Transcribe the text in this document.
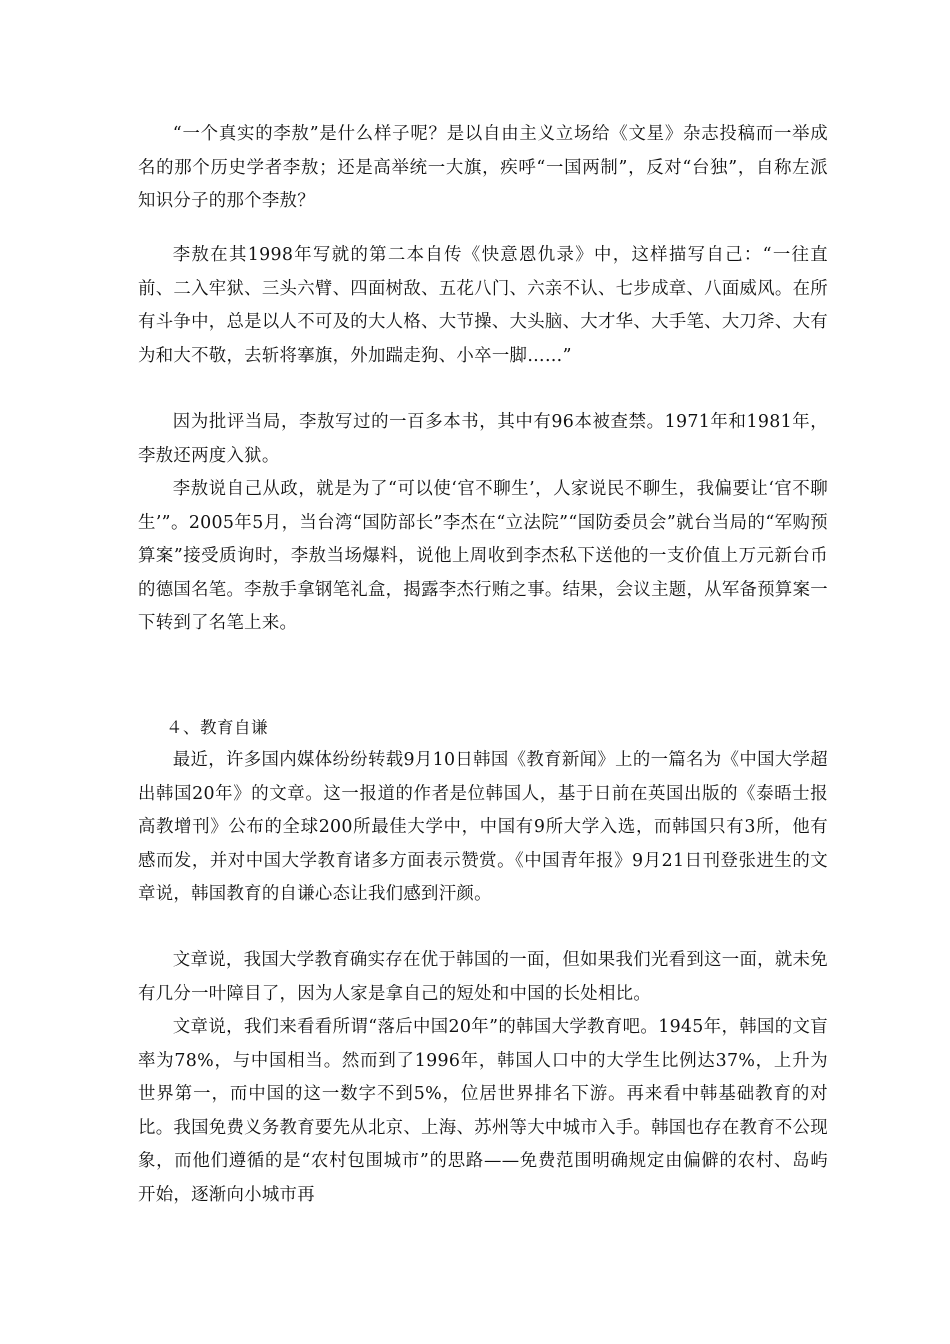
“一个真实的李敖”是什么样子呢？是以自由主义立场给《文星》杂志投稿而一举成名的那个历史学者李敖；还是高举统一大旗，疾呼“一国两制”，反对“台独”，自称左派知识分子的那个李敖？

李敖在其1998年写就的第二本自传《快意恩仇录》中，这样描写自己：“一往直前、二入牢狱、三头六臂、四面树敌、五花八门、六亲不认、七步成章、八面威风。在所有斗争中，总是以人不可及的大人格、大节操、大头脑、大才华、大手笔、大刀斧、大有为和大不敬，去斩将搴旗，外加踹走狗、小卒一脚……”

因为批评当局，李敖写过的一百多本书，其中有96本被查禁。1971年和1981年，李敖还两度入狱。

李敖说自己从政，就是为了“可以使‘官不聊生’，人家说民不聊生，我偏要让‘官不聊生’”。2005年5月，当台湾“国防部长”李杰在“立法院”“国防委员会”就台当局的“军购预算案”接受质询时，李敖当场爆料，说他上周收到李杰私下送他的一支价值上万元新台币的德国名笔。李敖手拿钢笔礼盒，揭露李杰行贿之事。结果，会议主题，从军备预算案一下转到了名笔上来。

４、教育自谦

最近，许多国内媒体纷纷转载9月10日韩国《教育新闻》上的一篇名为《中国大学超出韩国20年》的文章。这一报道的作者是位韩国人，基于日前在英国出版的《泰晤士报高教增刊》公布的全球200所最佳大学中，中国有9所大学入选，而韩国只有3所，他有感而发，并对中国大学教育诸多方面表示赞赏。《中国青年报》9月21日刊登张进生的文章说，韩国教育的自谦心态让我们感到汗颜。

文章说，我国大学教育确实存在优于韩国的一面，但如果我们光看到这一面，就未免有几分一叶障目了，因为人家是拿自己的短处和中国的长处相比。

文章说，我们来看看所谓“落后中国20年”的韩国大学教育吧。1945年，韩国的文盲率为78%，与中国相当。然而到了1996年，韩国人口中的大学生比例达37%，上升为世界第一，而中国的这一数字不到5%，位居世界排名下游。再来看中韩基础教育的对比。我国免费义务教育要先从北京、上海、苏州等大中城市入手。韩国也存在教育不公现象，而他们遵循的是“农村包围城市”的思路——免费范围明确规定由偏僻的农村、岛屿开始，逐渐向小城市再
